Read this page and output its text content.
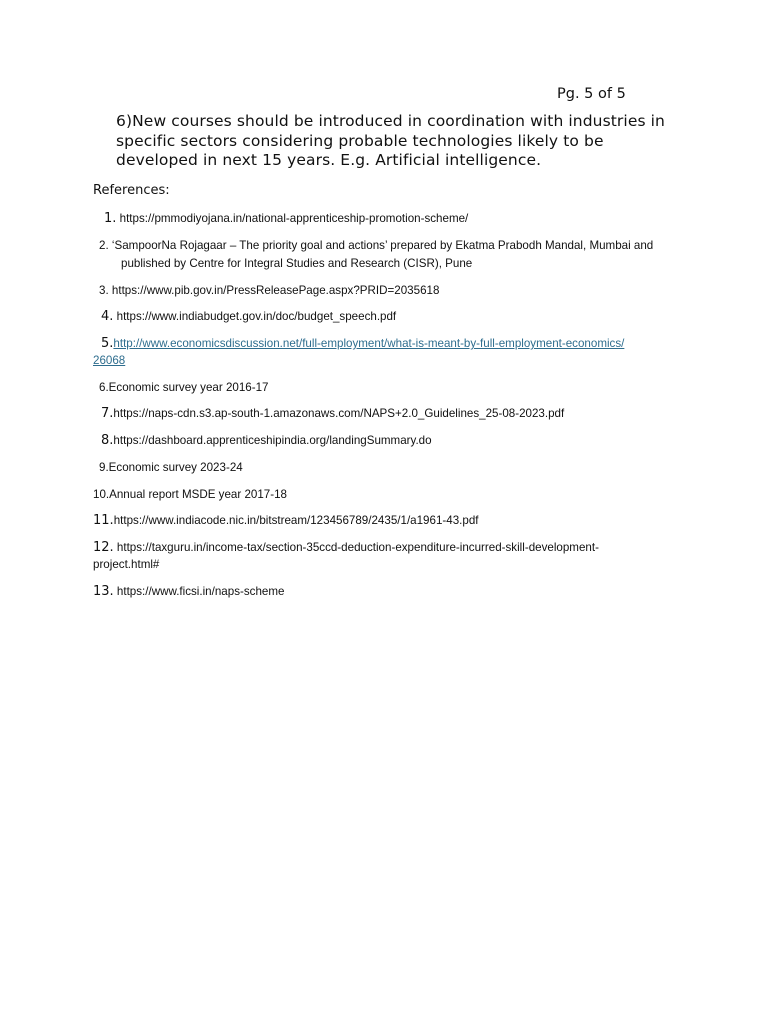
Pg. 5 of 5
6)New courses should be introduced in coordination with industries in specific sectors considering probable technologies likely to be developed in next 15 years. E.g. Artificial intelligence.
References:
1. https://pmmodiyojana.in/national-apprenticeship-promotion-scheme/
2. ‘SampoorNa Rojagaar – The priority goal and actions’ prepared by Ekatma Prabodh Mandal, Mumbai and
published by Centre for Integral Studies and Research (CISR), Pune
3. https://www.pib.gov.in/PressReleasePage.aspx?PRID=2035618
4. https://www.indiabudget.gov.in/doc/budget_speech.pdf
5.http://www.economicsdiscussion.net/full-employment/what-is-meant-by-full-employment-economics/
26068
6.Economic survey year 2016-17
7.https://naps-cdn.s3.ap-south-1.amazonaws.com/NAPS+2.0_Guidelines_25-08-2023.pdf
8.https://dashboard.apprenticeshipindia.org/landingSummary.do
9.Economic survey 2023-24
10.Annual report MSDE year 2017-18
11.https://www.indiacode.nic.in/bitstream/123456789/2435/1/a1961-43.pdf
12. https://taxguru.in/income-tax/section-35ccd-deduction-expenditure-incurred-skill-development-
project.html#
13. https://www.ficsi.in/naps-scheme
